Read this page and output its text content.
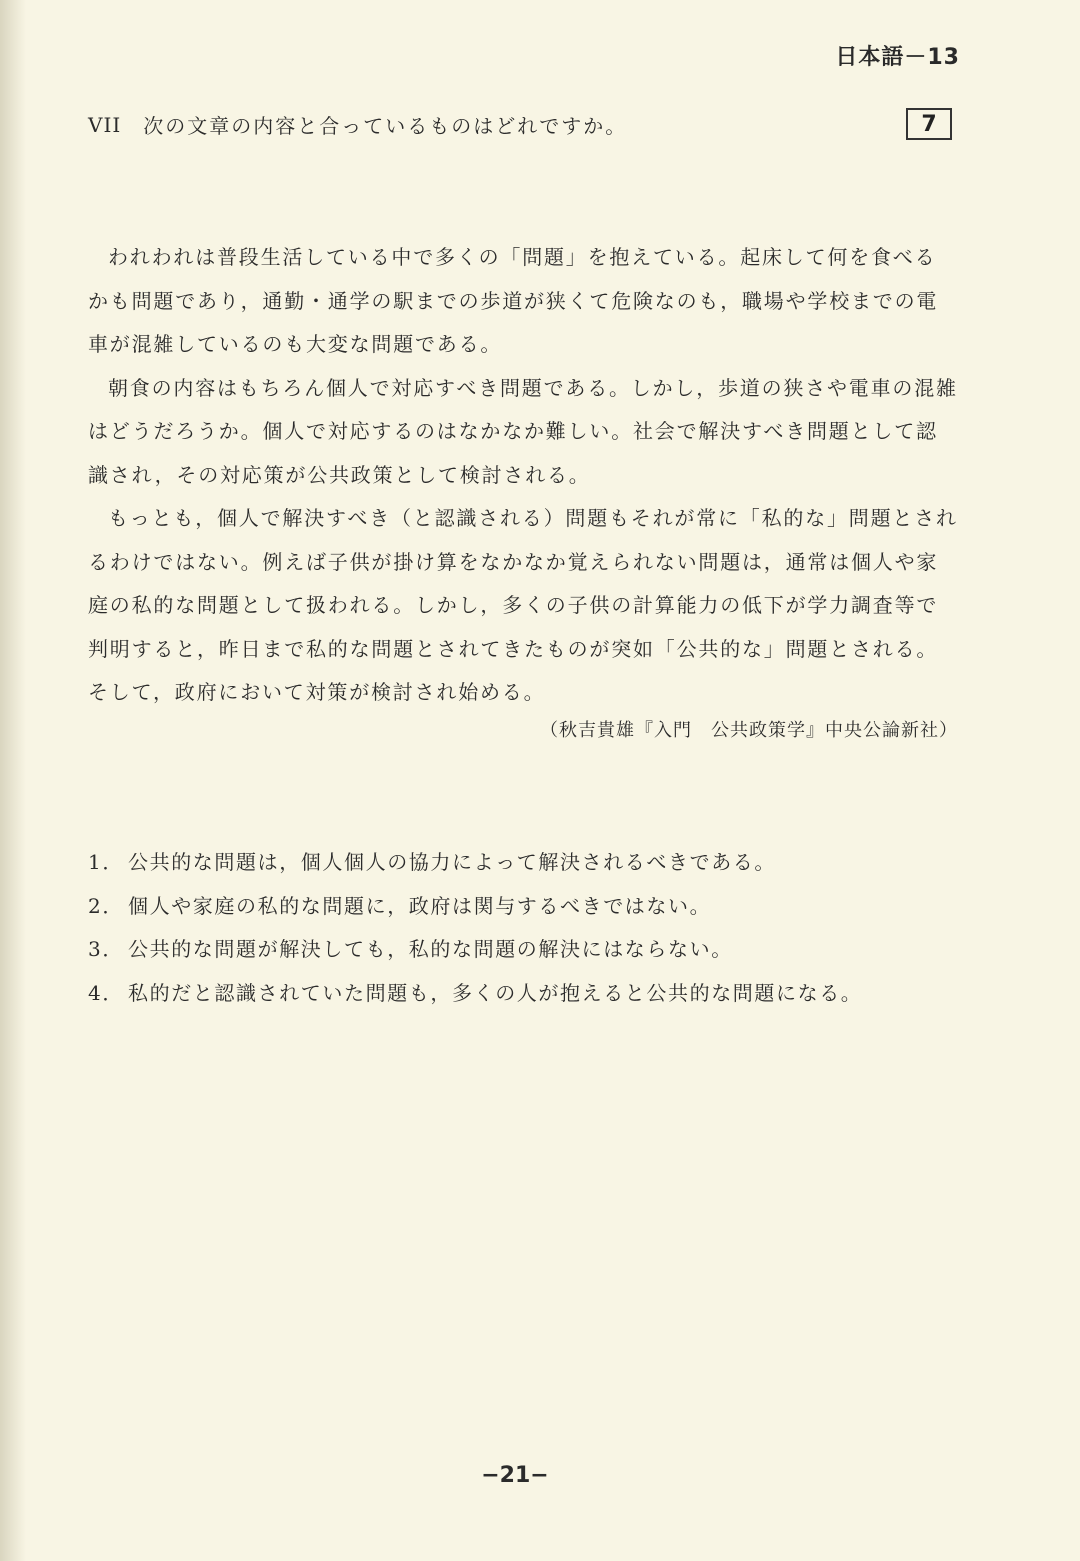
日本語－13
VII 次の文章の内容と合っているものはどれですか。	7

われわれは普段生活している中で多くの「問題」を抱えている。起床して何を食べるかも問題であり，通勤・通学の駅までの歩道が狭くて危険なのも，職場や学校までの電車が混雑しているのも大変な問題である。

朝食の内容はもちろん個人で対応すべき問題である。しかし，歩道の狭さや電車の混雑はどうだろうか。個人で対応するのはなかなか難しい。社会で解決すべき問題として認識され，その対応策が公共政策として検討される。

もっとも，個人で解決すべき（と認識される）問題もそれが常に「私的な」問題とされるわけではない。例えば子供が掛け算をなかなか覚えられない問題は，通常は個人や家庭の私的な問題として扱われる。しかし，多くの子供の計算能力の低下が学力調査等で判明すると，昨日まで私的な問題とされてきたものが突如「公共的な」問題とされる。そして，政府において対策が検討され始める。

（秋吉貴雄『入門　公共政策学』中央公論新社）
1． 公共的な問題は，個人個人の協力によって解決されるべきである。
2． 個人や家庭の私的な問題に，政府は関与するべきではない。
3． 公共的な問題が解決しても，私的な問題の解決にはならない。
4． 私的だと認識されていた問題も，多くの人が抱えると公共的な問題になる。
−21−
